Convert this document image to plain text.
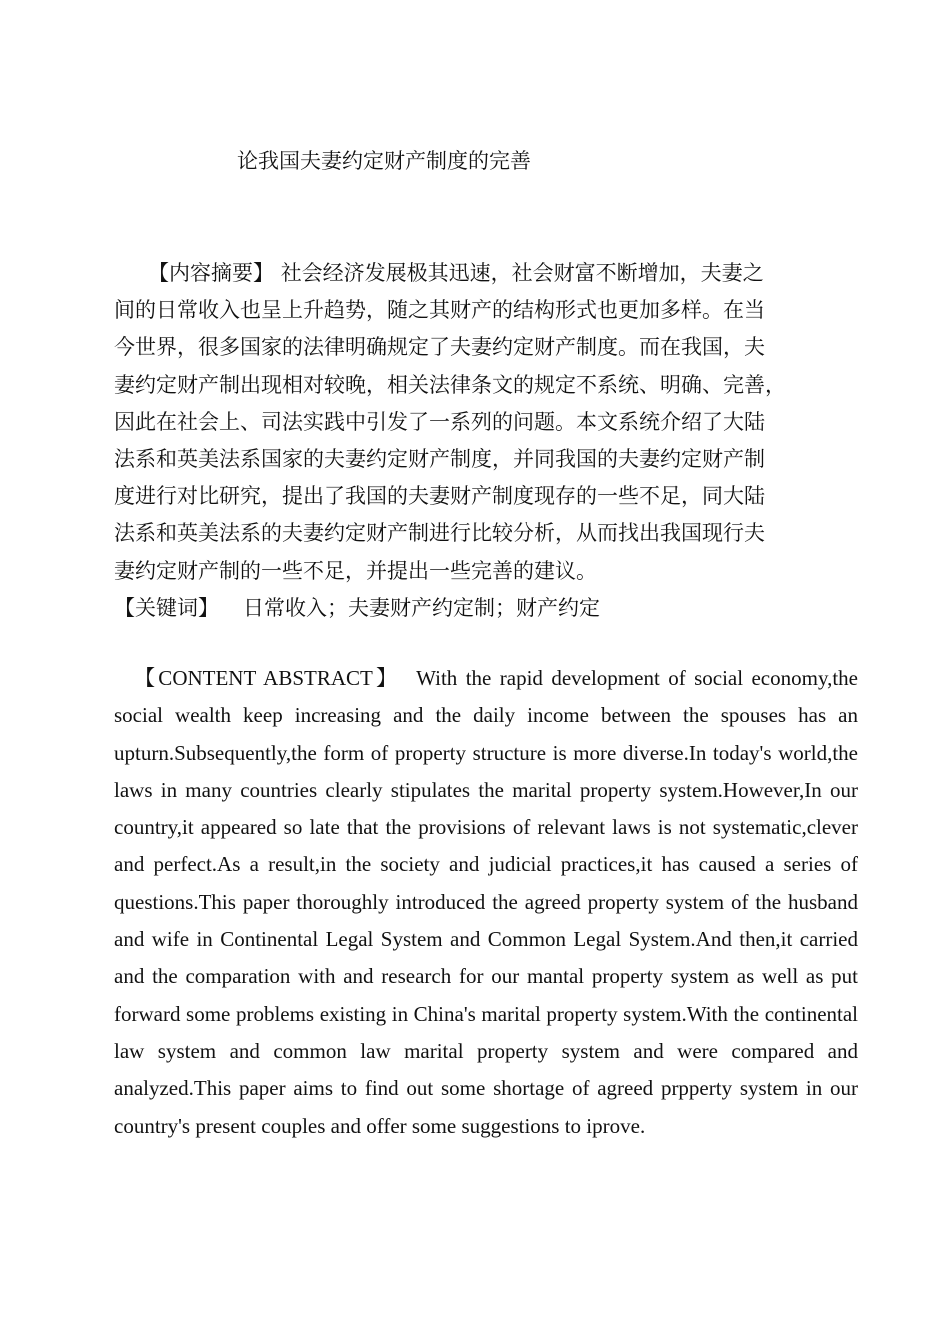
论我国夫妻约定财产制度的完善
【内容摘要】 社会经济发展极其迅速，社会财富不断增加，夫妻之
间的日常收入也呈上升趋势，随之其财产的结构形式也更加多样。在当
今世界，很多国家的法律明确规定了夫妻约定财产制度。而在我国，夫
妻约定财产制出现相对较晚，相关法律条文的规定不系统、明确、完善，
因此在社会上、司法实践中引发了一系列的问题。本文系统介绍了大陆
法系和英美法系国家的夫妻约定财产制度，并同我国的夫妻约定财产制
度进行对比研究，提出了我国的夫妻财产制度现存的一些不足，同大陆
法系和英美法系的夫妻约定财产制进行比较分析，从而找出我国现行夫
妻约定财产制的一些不足，并提出一些完善的建议。
【关键词】 日常收入；夫妻财产约定制；财产约定
【CONTENT ABSTRACT】 With the rapid development of social economy,the social wealth keep increasing and the daily income between the spouses has an upturn.Subsequently,the form of property structure is more diverse.In today's world,the laws in many countries clearly stipulates the marital property system.However,In our country,it appeared so late that the provisions of relevant laws is not systematic,clever and perfect.As a result,in the society and judicial practices,it has caused a series of questions.This paper thoroughly introduced the agreed property system of the husband and wife in Continental Legal System and Common Legal System.And then,it carried and the comparation with and research for our mantal property system as well as put forward some problems existing in China's marital property system.With the continental law system and common law marital property system and were compared and analyzed.This paper aims to find out some shortage of agreed prpperty system in our country's present couples and offer some suggestions to iprove.
